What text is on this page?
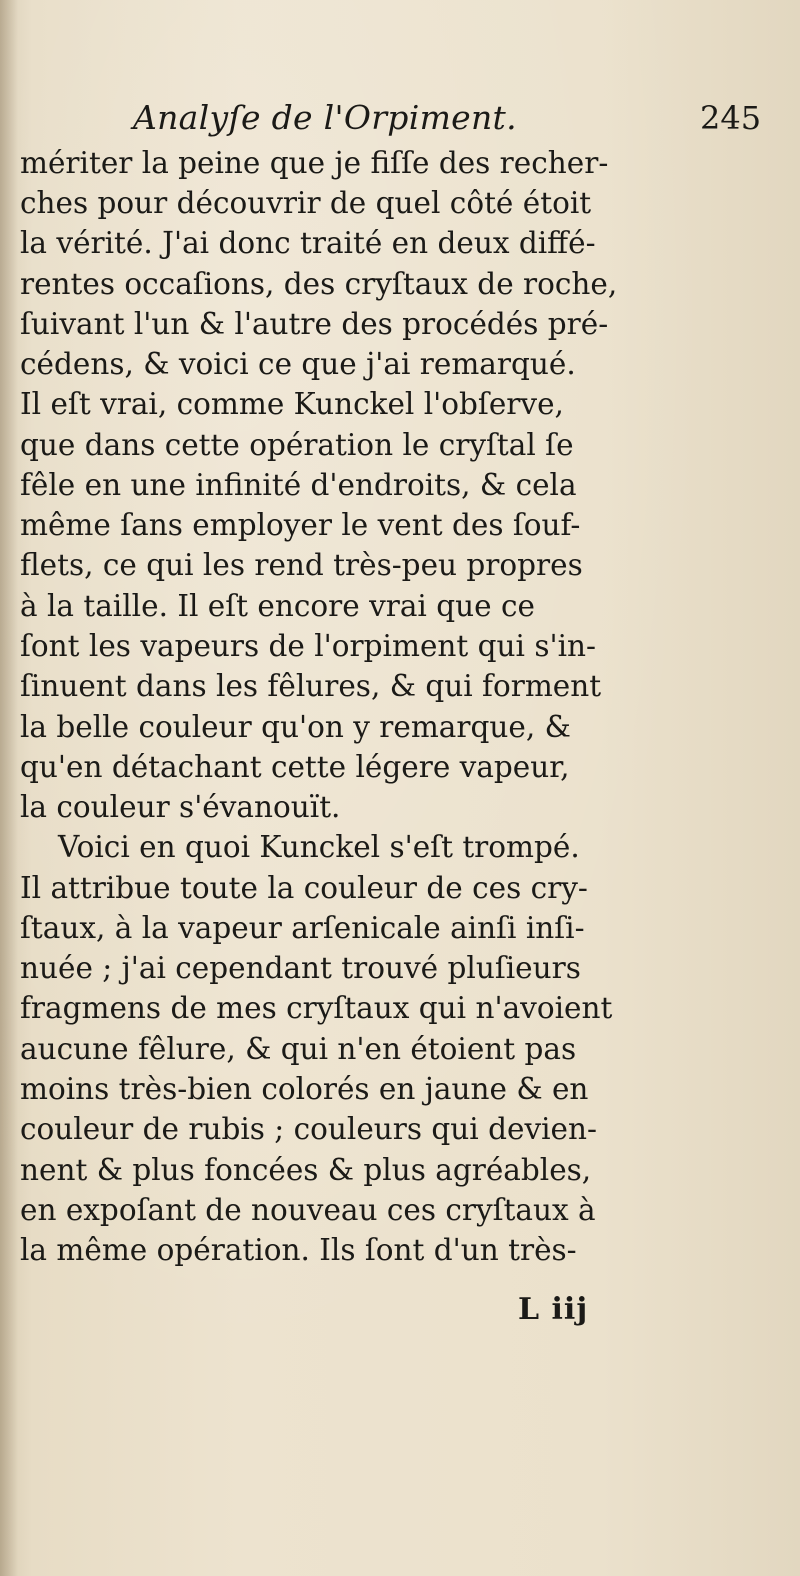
Analyſe de l'Orpiment.	245
mériter la peine que je fiſſe des recher-
ches pour découvrir de quel côté étoit
la vérité. J'ai donc traité en deux diffé-
rentes occaſions, des cryſtaux de roche,
ſuivant l'un & l'autre des procédés pré-
cédens, & voici ce que j'ai remarqué.
Il eſt vrai, comme Kunckel l'obſerve,
que dans cette opération le cryſtal ſe
fêle en une infinité d'endroits, & cela
même ſans employer le vent des ſouf-
flets, ce qui les rend très-peu propres
à la taille. Il eſt encore vrai que ce
ſont les vapeurs de l'orpiment qui s'in-
ſinuent dans les fêlures, & qui forment
la belle couleur qu'on y remarque, &
qu'en détachant cette légere vapeur,
la couleur s'évanouït.
Voici en quoi Kunckel s'eſt trompé.
Il attribue toute la couleur de ces cry-
ſtaux, à la vapeur arſenicale ainſi inſi-
nuée ; j'ai cependant trouvé pluſieurs
fragmens de mes cryſtaux qui n'avoient
aucune fêlure, & qui n'en étoient pas
moins très-bien colorés en jaune & en
couleur de rubis ; couleurs qui devien-
nent & plus foncées & plus agréables,
en expoſant de nouveau ces cryſtaux à
la même opération. Ils ſont d'un très-
L iij
